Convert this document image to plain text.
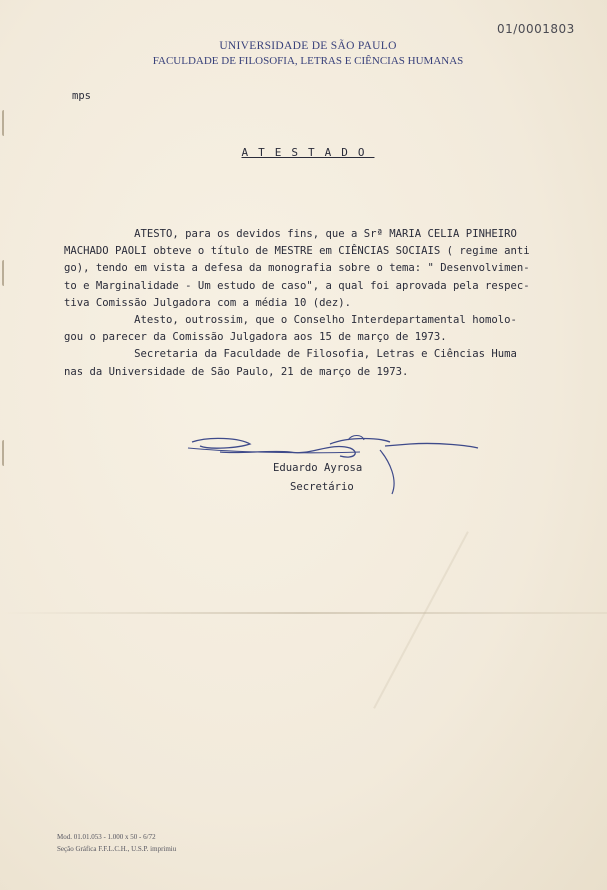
01/0001803
UNIVERSIDADE DE SÃO PAULO
FACULDADE DE FILOSOFIA, LETRAS E CIÊNCIAS HUMANAS
mps
ATESTADO
ATESTO, para os devidos fins, que a Srª MARIA CELIA PINHEIRO
MACHADO PAOLI obteve o título de MESTRE em CIÊNCIAS SOCIAIS ( regime anti
go), tendo em vista a defesa da monografia sobre o tema: " Desenvolvimen-
to e Marginalidade - Um estudo de caso", a qual foi aprovada pela respec-
tiva Comissão Julgadora com a média 10 (dez).
Atesto, outrossim, que o Conselho Interdepartamental homolo-
gou o parecer da Comissão Julgadora aos 15 de março de 1973.
Secretaria da Faculdade de Filosofia, Letras e Ciências Huma
nas da Universidade de São Paulo, 21 de março de 1973.
Eduardo Ayrosa
Secretário
Mod. 01.01.053 - 1.000 x 50 - 6/72
Seção Gráfica F.F.L.C.H., U.S.P. imprimiu
